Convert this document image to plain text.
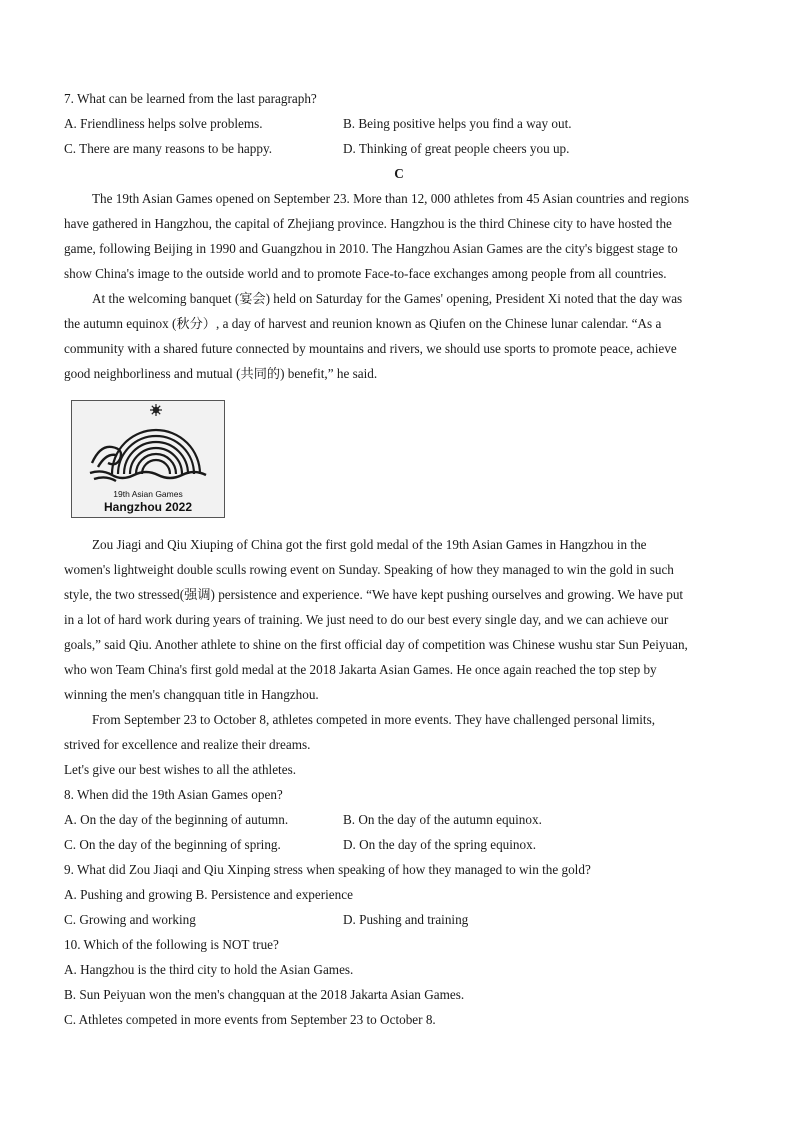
7. What can be learned from the last paragraph?
A. Friendliness helps solve problems.	B. Being positive helps you find a way out.
C. There are many reasons to be happy.	D. Thinking of great people cheers you up.
C
The 19th Asian Games opened on September 23. More than 12, 000 athletes from 45 Asian countries and regions
have gathered in Hangzhou, the capital of Zhejiang province. Hangzhou is the third Chinese city to have hosted the
game, following Beijing in 1990 and Guangzhou in 2010. The Hangzhou Asian Games are the city's biggest stage to
show China's image to the outside world and to promote Face-to-face exchanges among people from all countries.
At the welcoming banquet (宴会) held on Saturday for the Games' opening, President Xi noted that the day was
the autumn equinox (秋分）, a day of harvest and reunion known as Qiufen on the Chinese lunar calendar. “As a
community with a shared future connected by mountains and rivers, we should use sports to promote peace, achieve
good neighborliness and mutual (共同的) benefit,” he said.
19th Asian Games
Hangzhou 2022
Zou Jiagi and Qiu Xiuping of China got the first gold medal of the 19th Asian Games in Hangzhou in the
women's lightweight double sculls rowing event on Sunday. Speaking of how they managed to win the gold in such
style, the two stressed(强调) persistence and experience. “We have kept pushing ourselves and growing. We have put
in a lot of hard work during years of training. We just need to do our best every single day, and we can achieve our
goals,” said Qiu. Another athlete to shine on the first official day of competition was Chinese wushu star Sun Peiyuan,
who won Team China's first gold medal at the 2018 Jakarta Asian Games. He once again reached the top step by
winning the men's changquan title in Hangzhou.
From September 23 to October 8, athletes competed in more events. They have challenged personal limits,
strived for excellence and realize their dreams.
Let's give our best wishes to all the athletes.
8. When did the 19th Asian Games open?
A. On the day of the beginning of autumn.	B. On the day of the autumn equinox.
C. On the day of the beginning of spring.	D. On the day of the spring equinox.
9. What did Zou Jiaqi and Qiu Xinping stress when speaking of how they managed to win the gold?
A. Pushing and growing B. Persistence and experience
C. Growing and working	D. Pushing and training
10. Which of the following is NOT true?
A. Hangzhou is the third city to hold the Asian Games.
B. Sun Peiyuan won the men's changquan at the 2018 Jakarta Asian Games.
C. Athletes competed in more events from September 23 to October 8.
